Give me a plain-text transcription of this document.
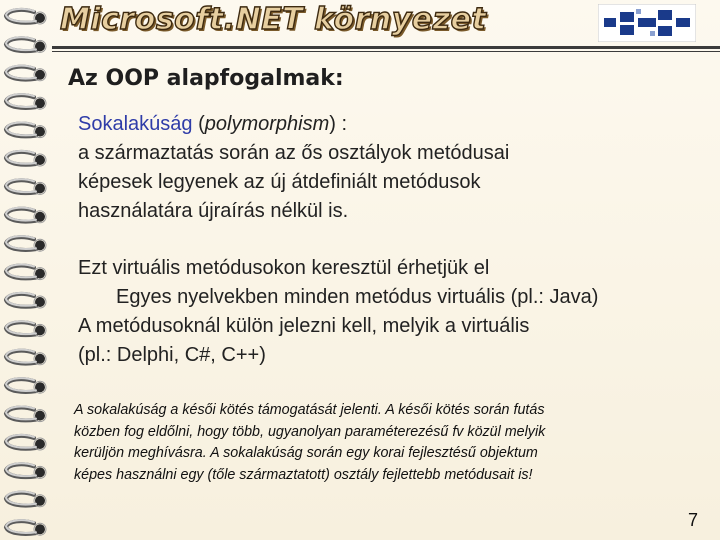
Microsoft.NET környezet
Az OOP alapfogalmak:
Sokalakúság (polymorphism) :
a származtatás során az ős osztályok metódusai
képesek legyenek az új átdefiniált metódusok
használatára újraírás nélkül is.
Ezt virtuális metódusokon keresztül érhetjük el
Egyes nyelvekben minden metódus virtuális (pl.: Java)
A metódusoknál külön jelezni kell, melyik a virtuális
(pl.: Delphi, C#, C++)
A sokalakúság a késői kötés támogatását jelenti. A késői kötés során futás
közben fog eldőlni, hogy több, ugyanolyan paraméterezésű fv közül melyik
kerüljön meghívásra. A sokalakúság során egy korai fejlesztésű objektum
képes használni egy (tőle származtatott) osztály fejlettebb metódusait is!
7
